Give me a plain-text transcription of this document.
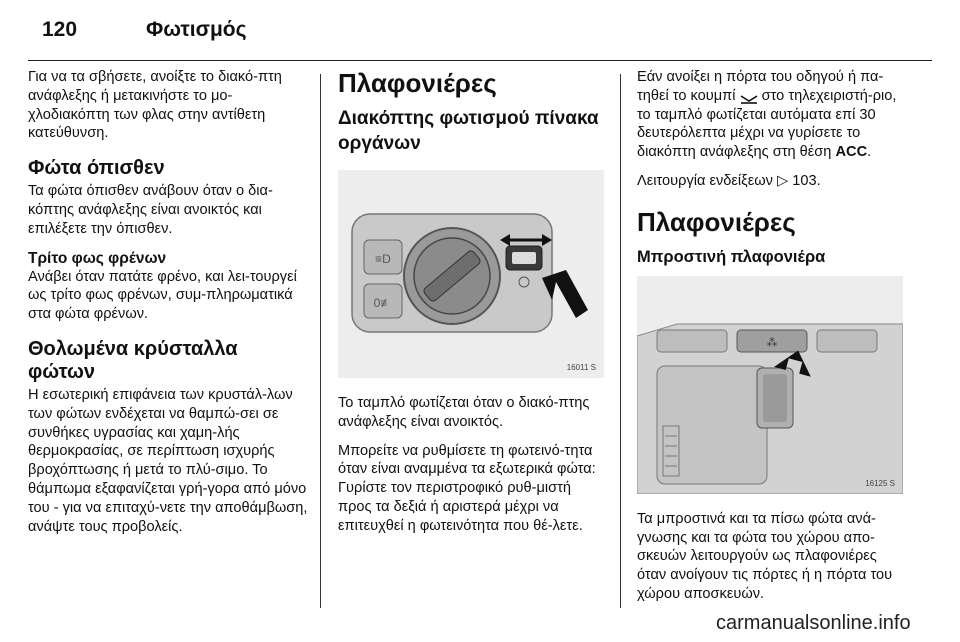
120	Φωτισμός

Για να τα σβήσετε, ανοίξτε το διακό-πτη ανάφλεξης ή μετακινήστε το μο-χλοδιακόπτη των φλας στην αντίθετη κατεύθυνση.

Φώτα όπισθεν

Τα φώτα όπισθεν ανάβουν όταν ο δια-κόπτης ανάφλεξης είναι ανοικτός και επιλέξετε την όπισθεν.

Τρίτο φως φρένων

Ανάβει όταν πατάτε φρένο, και λει-τουργεί ως τρίτο φως φρένων, συμ-πληρωματικά στα φώτα φρένων.

Θολωμένα κρύσταλλα φώτων

Η εσωτερική επιφάνεια των κρυστάλ-λων των φώτων ενδέχεται να θαμπώ-σει σε συνθήκες υγρασίας και χαμη-λής θερμοκρασίας, σε περίπτωση ισχυρής βροχόπτωσης ή μετά το πλύ-σιμο. Το θάμπωμα εξαφανίζεται γρή-γορα από μόνο του - για να επιταχύ-νετε την αποθάμβωση, ανάψτε τους προβολείς.

Πλαφονιέρες
Διακόπτης φωτισμού πίνακα οργάνων
≡D
0≢
16011 S

Το ταμπλό φωτίζεται όταν ο διακό-πτης ανάφλεξης είναι ανοικτός.

Μπορείτε να ρυθμίσετε τη φωτεινό-τητα όταν είναι αναμμένα τα εξωτερικά φώτα: Γυρίστε τον περιστροφικό ρυθ-μιστή προς τα δεξιά ή αριστερά μέχρι να επιτευχθεί η φωτεινότητα που θέ-λετε.

Εάν ανοίξει η πόρτα του οδηγού ή πα-τηθεί το κουμπί στο τηλεχειριστή-ριο, το ταμπλό φωτίζεται αυτόματα επί 30 δευτερόλεπτα μέχρι να γυρίσετε το διακόπτη ανάφλεξης στη θέση ACC.

Λειτουργία ενδείξεων ▷ 103.

Πλαφονιέρες
Μπροστινή πλαφονιέρα
⁂
16125 S

Τα μπροστινά και τα πίσω φώτα ανά-γνωσης και τα φώτα του χώρου απο-σκευών λειτουργούν ως πλαφονιέρες όταν ανοίγουν τις πόρτες ή η πόρτα του χώρου αποσκευών.

carmanualsonline.info
